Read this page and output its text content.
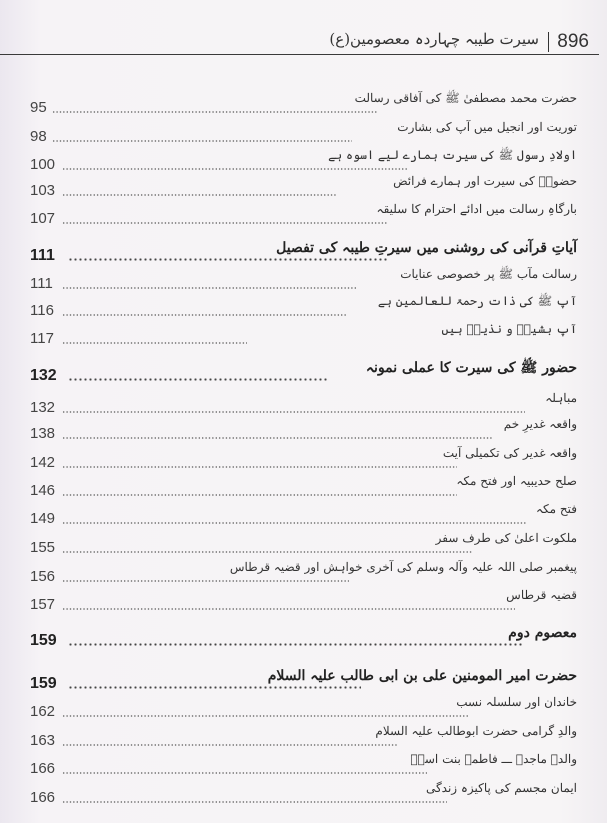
896
سیرت طیبہ چہاردہ معصومین(ع)
95
حضرت محمد مصطفیٰ ﷺ کی آفاقی رسالت
98
توریت اور انجیل میں آپ کی بشارت
100
اولادِ رسول ﷺ کی سیرت ہمارے لیے اسوہ ہے
103
حضورؐ کی سیرت اور ہمارے فرائض
107
بارگاہِ رسالت میں ادائے احترام کا سلیقہ
111	آیاتِ قرآنی کی روشنی میں سیرتِ طیبہ کی تفصیل
111
رسالت مآب ﷺ پر خصوصی عنایات
116
آپ ﷺ کی ذات رحمۃ للعالمین ہے
117
آپ بشیرؐ و نذیرؐ ہیں
132	حضور ﷺ کی سیرت کا عملی نمونہ
132
مباہلہ
138
واقعہ غدیرِ خم
142
واقعہ غدیر کی تکمیلی آیت
146
صلح حدیبیہ اور فتح مکہ
149
فتح مکہ
155
ملکوت اعلیٰ کی طرف سفر
156
پیغمبر صلی اللہ علیہ وآلہ وسلم کی آخری خواہش اور قضیہ قرطاس
157
قضیہ قرطاس
159	معصوم دوم
159	حضرت امیر المومنین علی بن ابی طالب علیہ السلام
162
خاندان اور سلسلہ نسب
163
والدِ گرامی حضرت ابوطالب علیہ السلام
166
والدہ ماجدہ ـــ فاطمہ بنت اسدؑ
166
ایمان مجسم کی پاکیزہ زندگی
